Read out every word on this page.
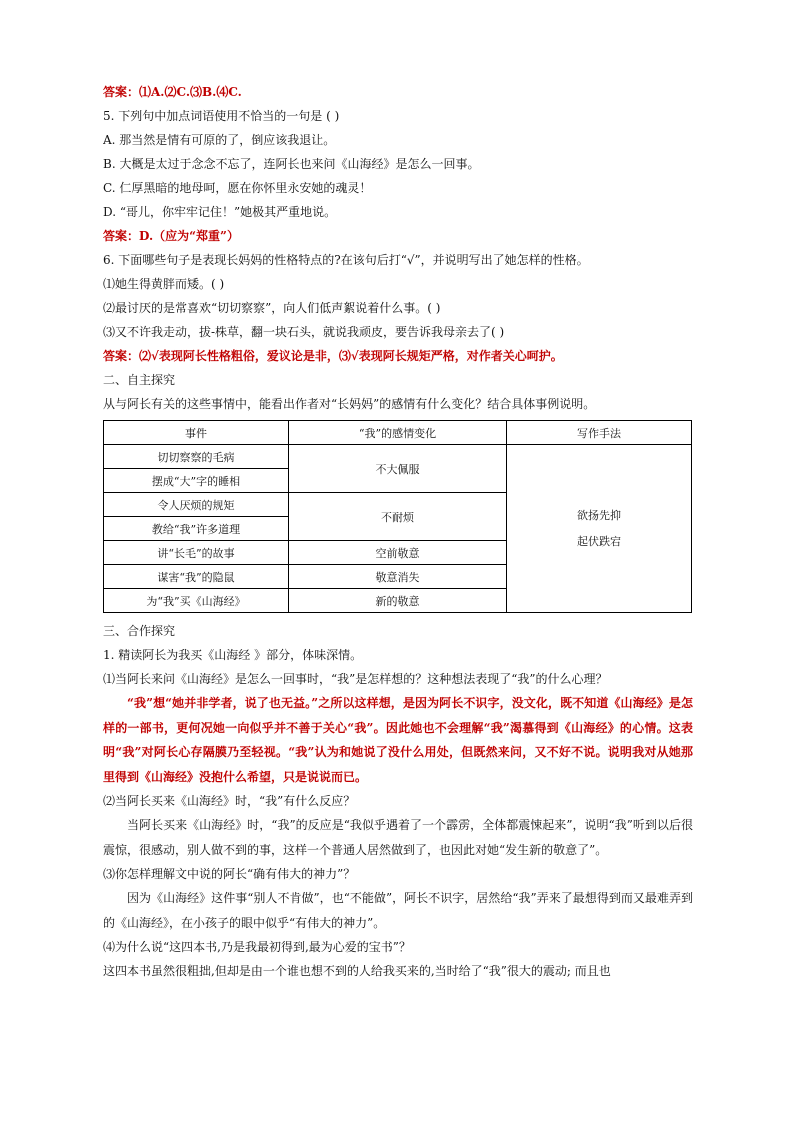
答案：⑴A.⑵C.⑶B.⑷C.
5. 下列句中加点词语使用不恰当的一句是 ( )
A. 那当然是情有可原的了，倒应该我退让。
B. 大概是太过于念念不忘了，连阿长也来问《山海经》是怎么一回事。
C. 仁厚黑暗的地母呵，愿在你怀里永安她的魂灵！
D. “哥儿，你牢牢记住！”她极其严重地说。
答案：D.（应为“郑重”）
6. 下面哪些句子是表现长妈妈的性格特点的?在该句后打“√”，并说明写出了她怎样的性格。
⑴她生得黄胖而矮。( )
⑵最讨厌的是常喜欢“切切察察”，向人们低声絮说着什么事。( )
⑶又不许我走动，拔-株草，翻一块石头，就说我顽皮，要告诉我母亲去了( )
答案：⑵√表现阿长性格粗俗，爱议论是非，⑶√表现阿长规矩严格，对作者关心呵护。
二、自主探究
从与阿长有关的这些事情中，能看出作者对“长妈妈”的感情有什么变化？结合具体事例说明。
事件	“我”的感情变化	写作手法
切切察察的毛病	不大佩服	欲扬先抑
起伏跌宕

摆成“大”字的睡相		
令人厌烦的规矩	不耐烦	
教给“我”许多道理		
讲“长毛”的故事	空前敬意	
谋害“我”的隐鼠	敬意消失	
为“我”买《山海经》	新的敬意	
三、合作探究
1. 精读阿长为我买《山海经 》部分，体味深情。
⑴当阿长来问《山海经》是怎么一回事时，“我”是怎样想的？这种想法表现了“我”的什么心理？

“我”想“她并非学者，说了也无益。”之所以这样想，是因为阿长不识字，没文化，既不知道《山海经》是怎样的一部书，更何况她一向似乎并不善于关心“我”。因此她也不会理解“我”渴慕得到《山海经》的心情。这表明“我”对阿长心存隔膜乃至轻视。“我”认为和她说了没什么用处，但既然来问，又不好不说。说明我对从她那里得到《山海经》没抱什么希望，只是说说而已。

⑵当阿长买来《山海经》时，“我”有什么反应？

当阿长买来《山海经》时，“我”的反应是“我似乎遇着了一个霹雳，全体都震悚起来”，说明“我”听到以后很震惊，很感动，别人做不到的事，这样一个普通人居然做到了，也因此对她“发生新的敬意了”。

⑶你怎样理解文中说的阿长“确有伟大的神力”？

因为《山海经》这件事“别人不肯做”，也“不能做”，阿长不识字，居然给“我”弄来了最想得到而又最难弄到的《山海经》，在小孩子的眼中似乎“有伟大的神力”。

⑷为什么说“这四本书,乃是我最初得到,最为心爱的宝书”？

这四本书虽然很粗拙,但却是由一个谁也想不到的人给我买来的,当时给了“我”很大的震动; 而且也
